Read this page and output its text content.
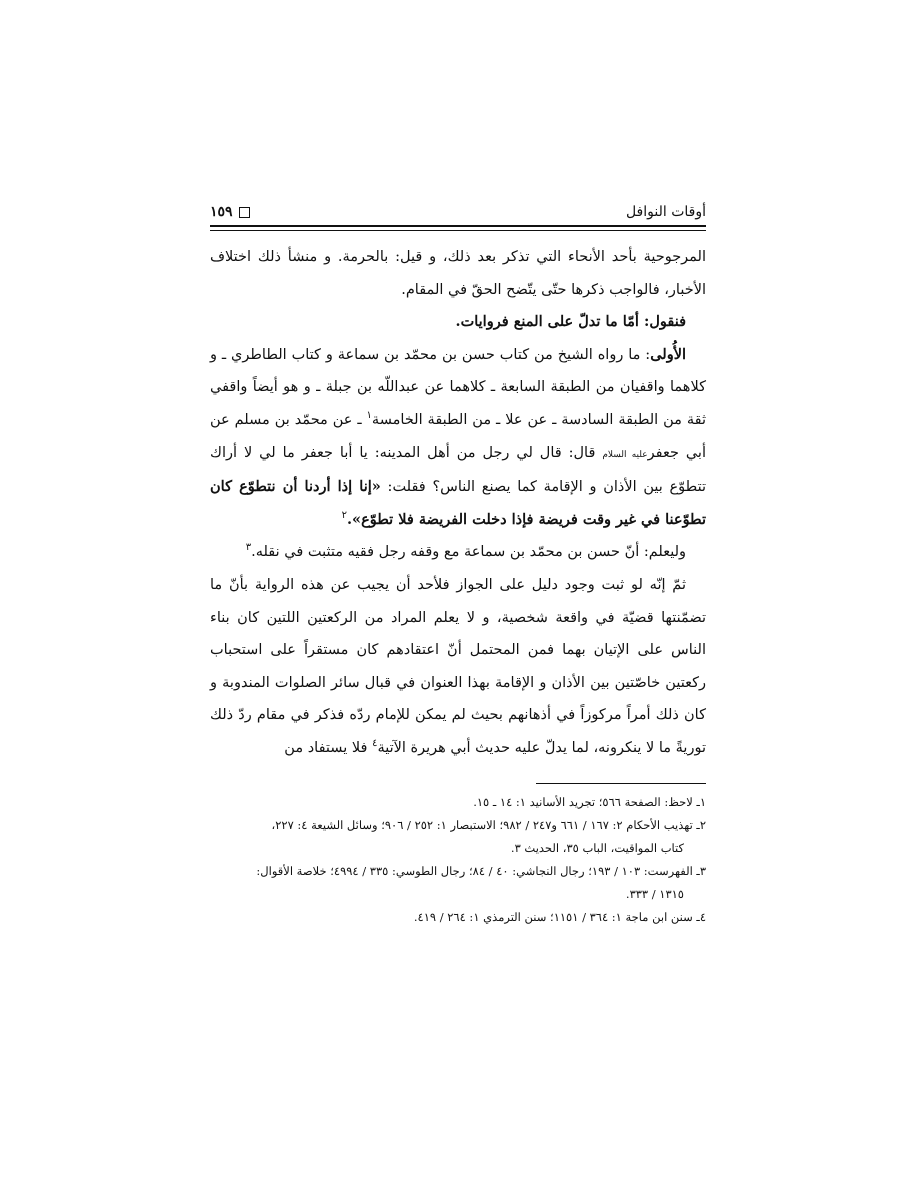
أوقات النوافل
١٥٩

المرجوحية بأحد الأنحاء التي تذكر بعد ذلك، و قيل: بالحرمة. و منشأ ذلك اختلاف الأخبار، فالواجب ذكرها حتّى يتّضح الحقّ في المقام.

فنقول: أمّا ما تدلّ على المنع فروايات.

الأُولى: ما رواه الشيخ من كتاب حسن بن محمّد بن سماعة و كتاب الطاطري ـ و كلاهما واقفيان من الطبقة السابعة ـ كلاهما عن عبداللّه بن جبلة ـ و هو أيضاً واقفي ثقة من الطبقة السادسة ـ عن علا ـ من الطبقة الخامسة$^١$ ـ عن محمّد بن مسلم عن أبي جعفرعليه السلام قال: قال لي رجل من أهل المدينه: يا أبا جعفر ما لي لا أراك تتطوّع بين الأذان و الإقامة كما يصنع الناس؟ فقلت: «إنا إذا أردنا أن نتطوّع كان تطوّعنا في غير وقت فريضة فإذا دخلت الفريضة فلا تطوّع».$^٢$

وليعلم: أنّ حسن بن محمّد بن سماعة مع وقفه رجل فقيه متثبت في نقله.$^٣$

ثمّ إنّه لو ثبت وجود دليل على الجواز فلأحد أن يجيب عن هذه الرواية بأنّ ما تضمّنتها قضيّة في واقعة شخصية، و لا يعلم المراد من الركعتين اللتين كان بناء الناس على الإتيان بهما فمن المحتمل أنّ اعتقادهم كان مستقراً على استحباب ركعتين خاصّتين بين الأذان و الإقامة بهذا العنوان في قبال سائر الصلوات المندوبة و كان ذلك أمراً مركوزاً في أذهانهم بحيث لم يمكن للإمام ردّه فذكر في مقام ردّ ذلك توريةً ما لا ينكرونه، لما يدلّ عليه حديث أبي هريرة الآتية$^٤$ فلا يستفاد من

١ـ لاحظ: الصفحة ٥٦٦؛ تجريد الأسانيد ١: ١٤ ـ ١٥.

٢ـ تهذيب الأحكام ٢: ١٦٧ / ٦٦١ و٢٤٧ / ٩٨٢؛ الاستبصار ١: ٢٥٢ / ٩٠٦؛ وسائل الشيعة ٤: ٢٢٧،

كتاب المواقيت، الباب ٣٥، الحديث ٣.

٣ـ الفهرست: ١٠٣ / ١٩٣؛ رجال النجاشي: ٤٠ / ٨٤؛ رجال الطوسي: ٣٣٥ / ٤٩٩٤؛ خلاصة الأقوال:

١٣١٥ / ٣٣٣.

٤ـ سنن ابن ماجة ١: ٣٦٤ / ١١٥١؛ سنن الترمذي ١: ٢٦٤ / ٤١٩.
